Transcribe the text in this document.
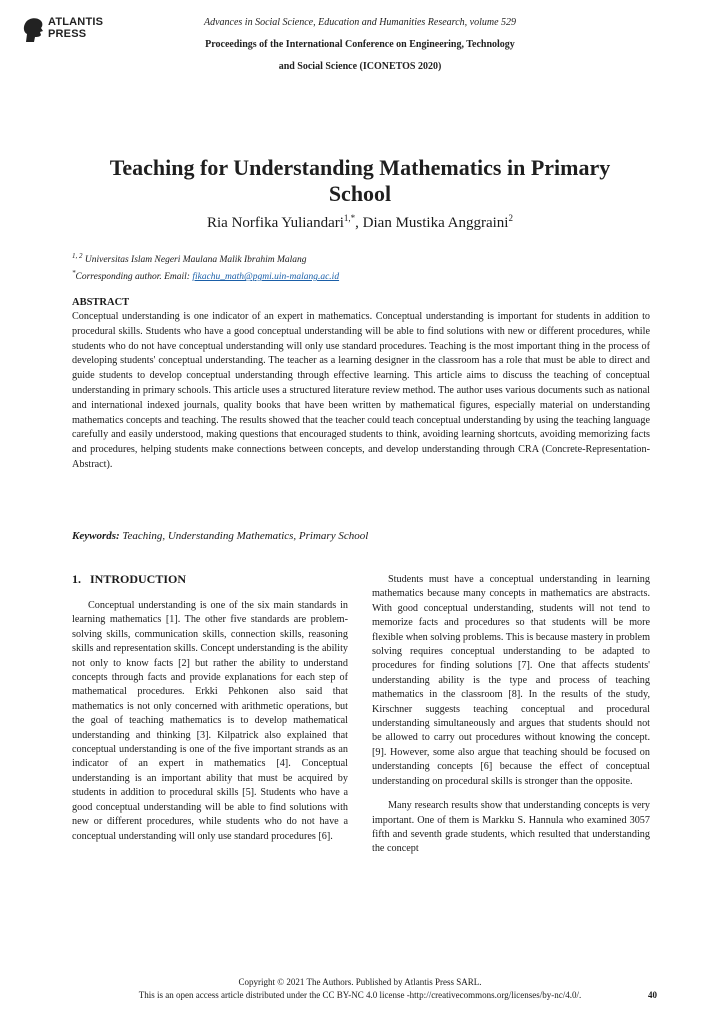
ATLANTIS
PRESS
Advances in Social Science, Education and Humanities Research, volume 529
Proceedings of the International Conference on Engineering, Technology
and Social Science (ICONETOS 2020)
Teaching for Understanding Mathematics in Primary
School
Ria Norfika Yuliandari$^{1,*}$, Dian Mustika Anggraini$^2$
$^{1, 2}$ Universitas Islam Negeri Maulana Malik Ibrahim Malang
*Corresponding author. Email: fikachu_math@pgmi.uin-malang.ac.id
ABSTRACT
Conceptual understanding is one indicator of an expert in mathematics. Conceptual understanding is important for students in addition to procedural skills. Students who have a good conceptual understanding will be able to find solutions with new or different procedures, while students who do not have conceptual understanding will only use standard procedures. Teaching is the most important thing in the process of developing students' conceptual understanding. The teacher as a learning designer in the classroom has a role that must be able to direct and guide students to develop conceptual understanding through effective learning. This article aims to discuss the teaching of conceptual understanding in primary schools. This article uses a structured literature review method. The author uses various documents such as national and international indexed journals, quality books that have been written by mathematical figures, especially material on understanding mathematics concepts and teaching. The results showed that the teacher could teach conceptual understanding by using the teaching language carefully and easily understood, making questions that encouraged students to think, avoiding learning shortcuts, avoiding memorizing facts and procedures, helping students make connections between concepts, and develop understanding through CRA (Concrete-Representation-Abstract).
Keywords: Teaching, Understanding Mathematics, Primary School
1. INTRODUCTION

Conceptual understanding is one of the six main standards in learning mathematics [1]. The other five standards are problem-solving skills, communication skills, connection skills, reasoning skills and representation skills. Concept understanding is the ability not only to know facts [2] but rather the ability to understand concepts through facts and provide explanations for each step of mathematical procedures. Erkki Pehkonen also said that mathematics is not only concerned with arithmetic operations, but the goal of teaching mathematics is to develop mathematical understanding and thinking [3]. Kilpatrick also explained that conceptual understanding is one of the five important strands as an indicator of an expert in mathematics [4]. Conceptual understanding is an important ability that must be acquired by students in addition to procedural skills [5]. Students who have a good conceptual understanding will be able to find solutions with new or different procedures, while students who do not have a conceptual understanding will only use standard procedures [6].

Students must have a conceptual understanding in learning mathematics because many concepts in mathematics are abstracts. With good conceptual understanding, students will not tend to memorize facts and procedures so that students will be more flexible when solving problems. This is because mastery in problem solving requires conceptual understanding to be adapted to procedures for finding solutions [7]. One that affects students' understanding ability is the type and process of teaching mathematics in the classroom [8]. In the results of the study, Kirschner suggests teaching conceptual and procedural understanding simultaneously and argues that students should not be allowed to carry out procedures without knowing the concept. [9]. However, some also argue that teaching should be focused on understanding concepts [6] because the effect of conceptual understanding on procedural skills is stronger than the opposite.

Many research results show that understanding concepts is very important. One of them is Markku S. Hannula who examined 3057 fifth and seventh grade students, which resulted that understanding the concept

Copyright © 2021 The Authors. Published by Atlantis Press SARL.
This is an open access article distributed under the CC BY-NC 4.0 license -http://creativecommons.org/licenses/by-nc/4.0/.	40
